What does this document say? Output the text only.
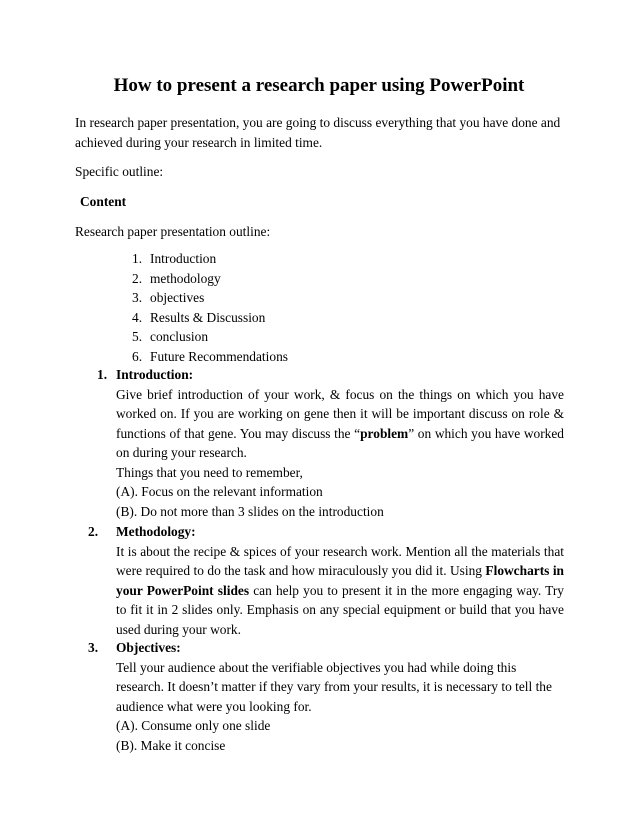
How to present a research paper using PowerPoint
In research paper presentation, you are going to discuss everything that you have done and achieved during your research in limited time.
Specific outline:
Content
Research paper presentation outline:
1. Introduction
2. methodology
3. objectives
4. Results & Discussion
5. conclusion
6. Future Recommendations
1. Introduction:
Give brief introduction of your work, & focus on the things on which you have worked on. If you are working on gene then it will be important discuss on role & functions of that gene. You may discuss the “problem” on which you have worked on during your research.
Things that you need to remember,
(A). Focus on the relevant information
(B). Do not more than 3 slides on the introduction
2.	Methodology:
It is about the recipe & spices of your research work. Mention all the materials that were required to do the task and how miraculously you did it. Using Flowcharts in your PowerPoint slides can help you to present it in the more engaging way. Try to fit it in 2 slides only. Emphasis on any special equipment or build that you have used during your work.
3.	Objectives:
Tell your audience about the verifiable objectives you had while doing this research. It doesn’t matter if they vary from your results, it is necessary to tell the audience what were you looking for.
(A). Consume only one slide
(B). Make it concise
